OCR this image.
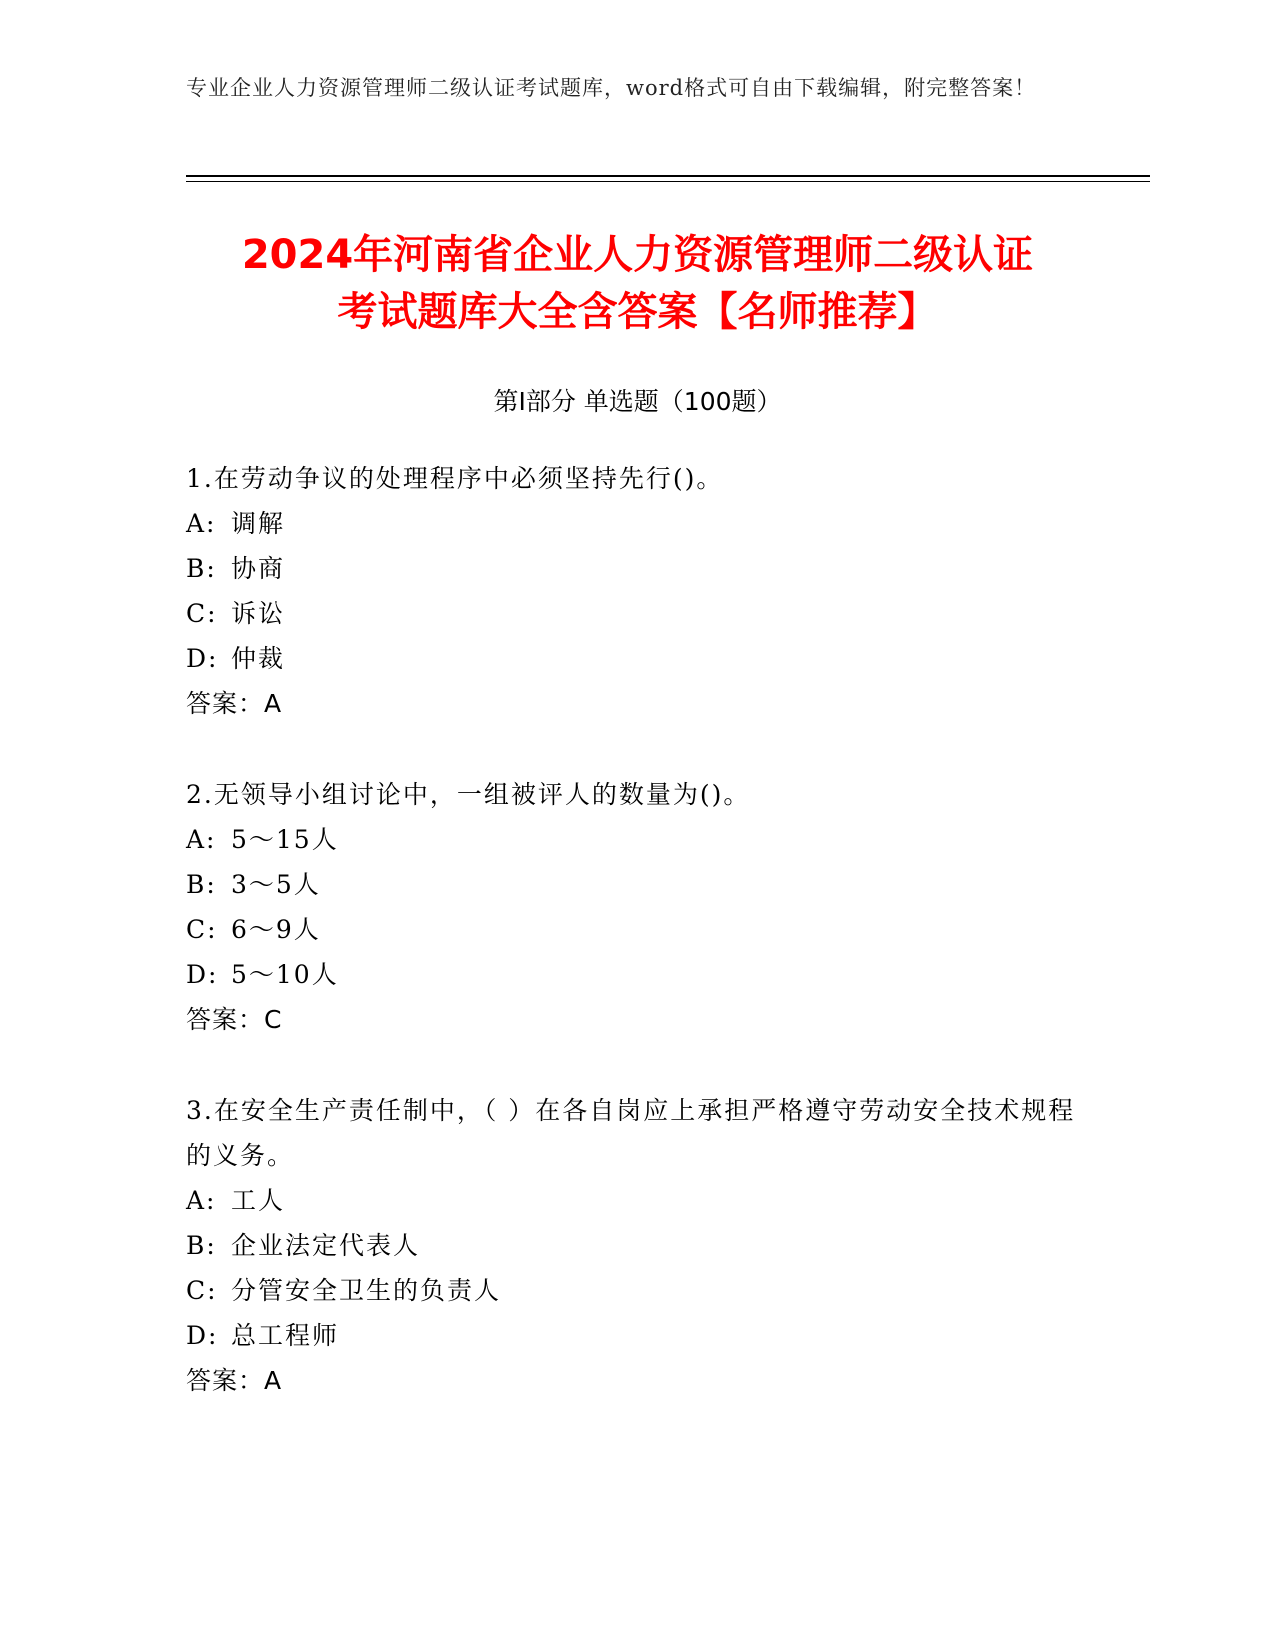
专业企业人力资源管理师二级认证考试题库，word格式可自由下载编辑，附完整答案！
2024年河南省企业人力资源管理师二级认证
考试题库大全含答案【名师推荐】
第I部分 单选题（100题）

1.在劳动争议的处理程序中必须坚持先行()。

A: 调解

B: 协商

C: 诉讼

D: 仲裁

答案：A

2.无领导小组讨论中，一组被评人的数量为()。

A: 5～15人

B: 3～5人

C: 6～9人

D: 5～10人

答案：C

3.在安全生产责任制中，（ ）在各自岗应上承担严格遵守劳动安全技术规程的义务。

A: 工人

B: 企业法定代表人

C: 分管安全卫生的负责人

D: 总工程师

答案：A
